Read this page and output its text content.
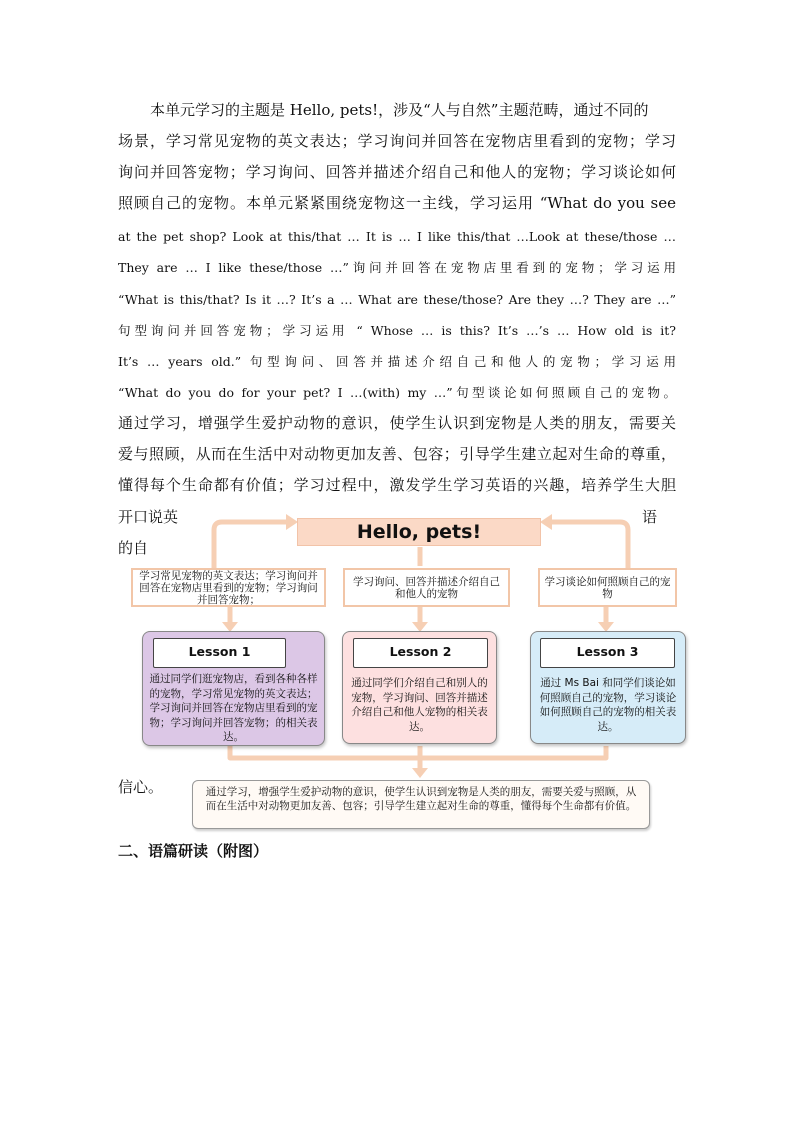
本单元学习的主题是 Hello, pets!，涉及“人与自然”主题范畴，通过不同的
场景，学习常见宠物的英文表达；学习询问并回答在宠物店里看到的宠物；学习
询问并回答宠物；学习询问、回答并描述介绍自己和他人的宠物；学习谈论如何
照顾自己的宠物。本单元紧紧围绕宠物这一主线，学习运用 “What do you see
at the pet shop? Look at this/that … It is … I like this/that …Look at these/those …
They are … I like these/those …”询问并回答在宠物店里看到的宠物；学习运用
“What is this/that? Is it …? It’s a … What are these/those? Are they …? They are …”
句型询问并回答宠物；学习运用 “ Whose … is this? It’s …’s … How old is it?
It’s … years old.” 句型询问、回答并描述介绍自己和他人的宠物；学习运用
“What do you do for your pet? I …(with) my …”句型谈论如何照顾自己的宠物。
通过学习，增强学生爱护动物的意识，使学生认识到宠物是人类的朋友，需要关
爱与照顾，从而在生活中对动物更加友善、包容；引导学生建立起对生命的尊重，
懂得每个生命都有价值；学习过程中，激发学生学习英语的兴趣，培养学生大胆
开口说英	语
的自
信心。
Hello, pets!
学习常见宠物的英文表达；学习询问并回答在宠物店里看到的宠物；学习询问并回答宠物；
学习询问、回答并描述介绍自己和他人的宠物
学习谈论如何照顾自己的宠物
Lesson 1
通过同学们逛宠物店，看到各种各样的宠物，学习常见宠物的英文表达；学习询问并回答在宠物店里看到的宠物；学习询问并回答宠物；的相关表达。
Lesson 2
通过同学们介绍自己和别人的宠物，学习询问、回答并描述介绍自己和他人宠物的相关表达。
Lesson 3
通过 Ms Bai 和同学们谈论如何照顾自己的宠物，学习谈论如何照顾自己的宠物的相关表达。
通过学习，增强学生爱护动物的意识，使学生认识到宠物是人类的朋友，需要关爱与照顾，从而在生活中对动物更加友善、包容；引导学生建立起对生命的尊重，懂得每个生命都有价值。
二、语篇研读（附图）
